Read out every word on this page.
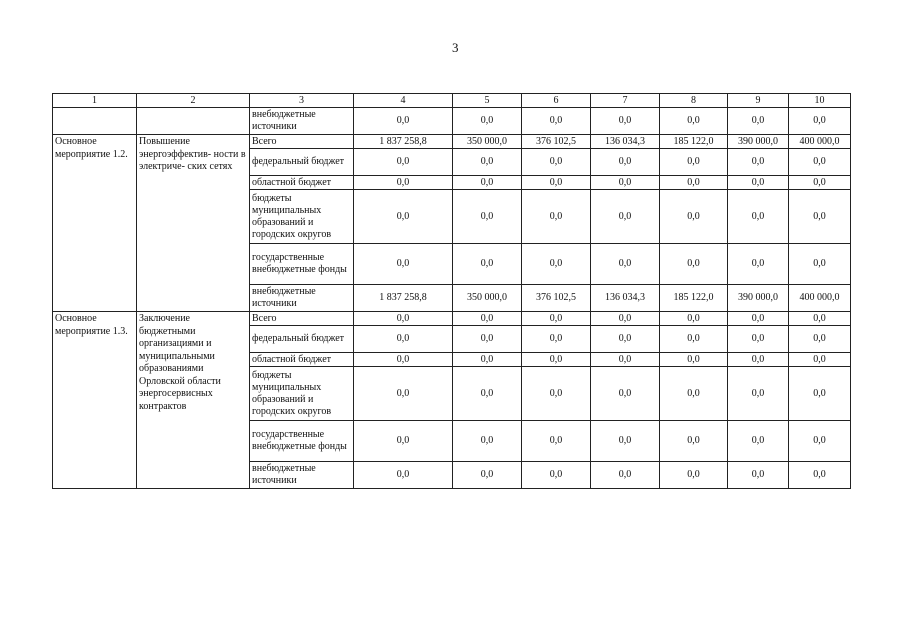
3
1	2	3	4	5	6	7	8	9	10
		внебюджетные источники	0,0	0,0	0,0	0,0	0,0	0,0	0,0
Основное мероприятие 1.2.	Повышение энергоэффектив- ности в электриче- ских сетях	Всего	1 837 258,8	350 000,0	376 102,5	136 034,3	185 122,0	390 000,0	400 000,0
		федеральный бюджет	0,0	0,0	0,0	0,0	0,0	0,0	0,0
		областной бюджет	0,0	0,0	0,0	0,0	0,0	0,0	0,0
		бюджеты муниципальных образований и городских округов	0,0	0,0	0,0	0,0	0,0	0,0	0,0
		государственные внебюджетные фонды	0,0	0,0	0,0	0,0	0,0	0,0	0,0
		внебюджетные источники	1 837 258,8	350 000,0	376 102,5	136 034,3	185 122,0	390 000,0	400 000,0
Основное мероприятие 1.3.	Заключение бюджетными организациями и муниципальными образованиями Орловской области энергосервисных контрактов	Всего	0,0	0,0	0,0	0,0	0,0	0,0	0,0
		федеральный бюджет	0,0	0,0	0,0	0,0	0,0	0,0	0,0
		областной бюджет	0,0	0,0	0,0	0,0	0,0	0,0	0,0
		бюджеты муниципальных образований и городских округов	0,0	0,0	0,0	0,0	0,0	0,0	0,0
		государственные внебюджетные фонды	0,0	0,0	0,0	0,0	0,0	0,0	0,0
		внебюджетные источники	0,0	0,0	0,0	0,0	0,0	0,0	0,0
